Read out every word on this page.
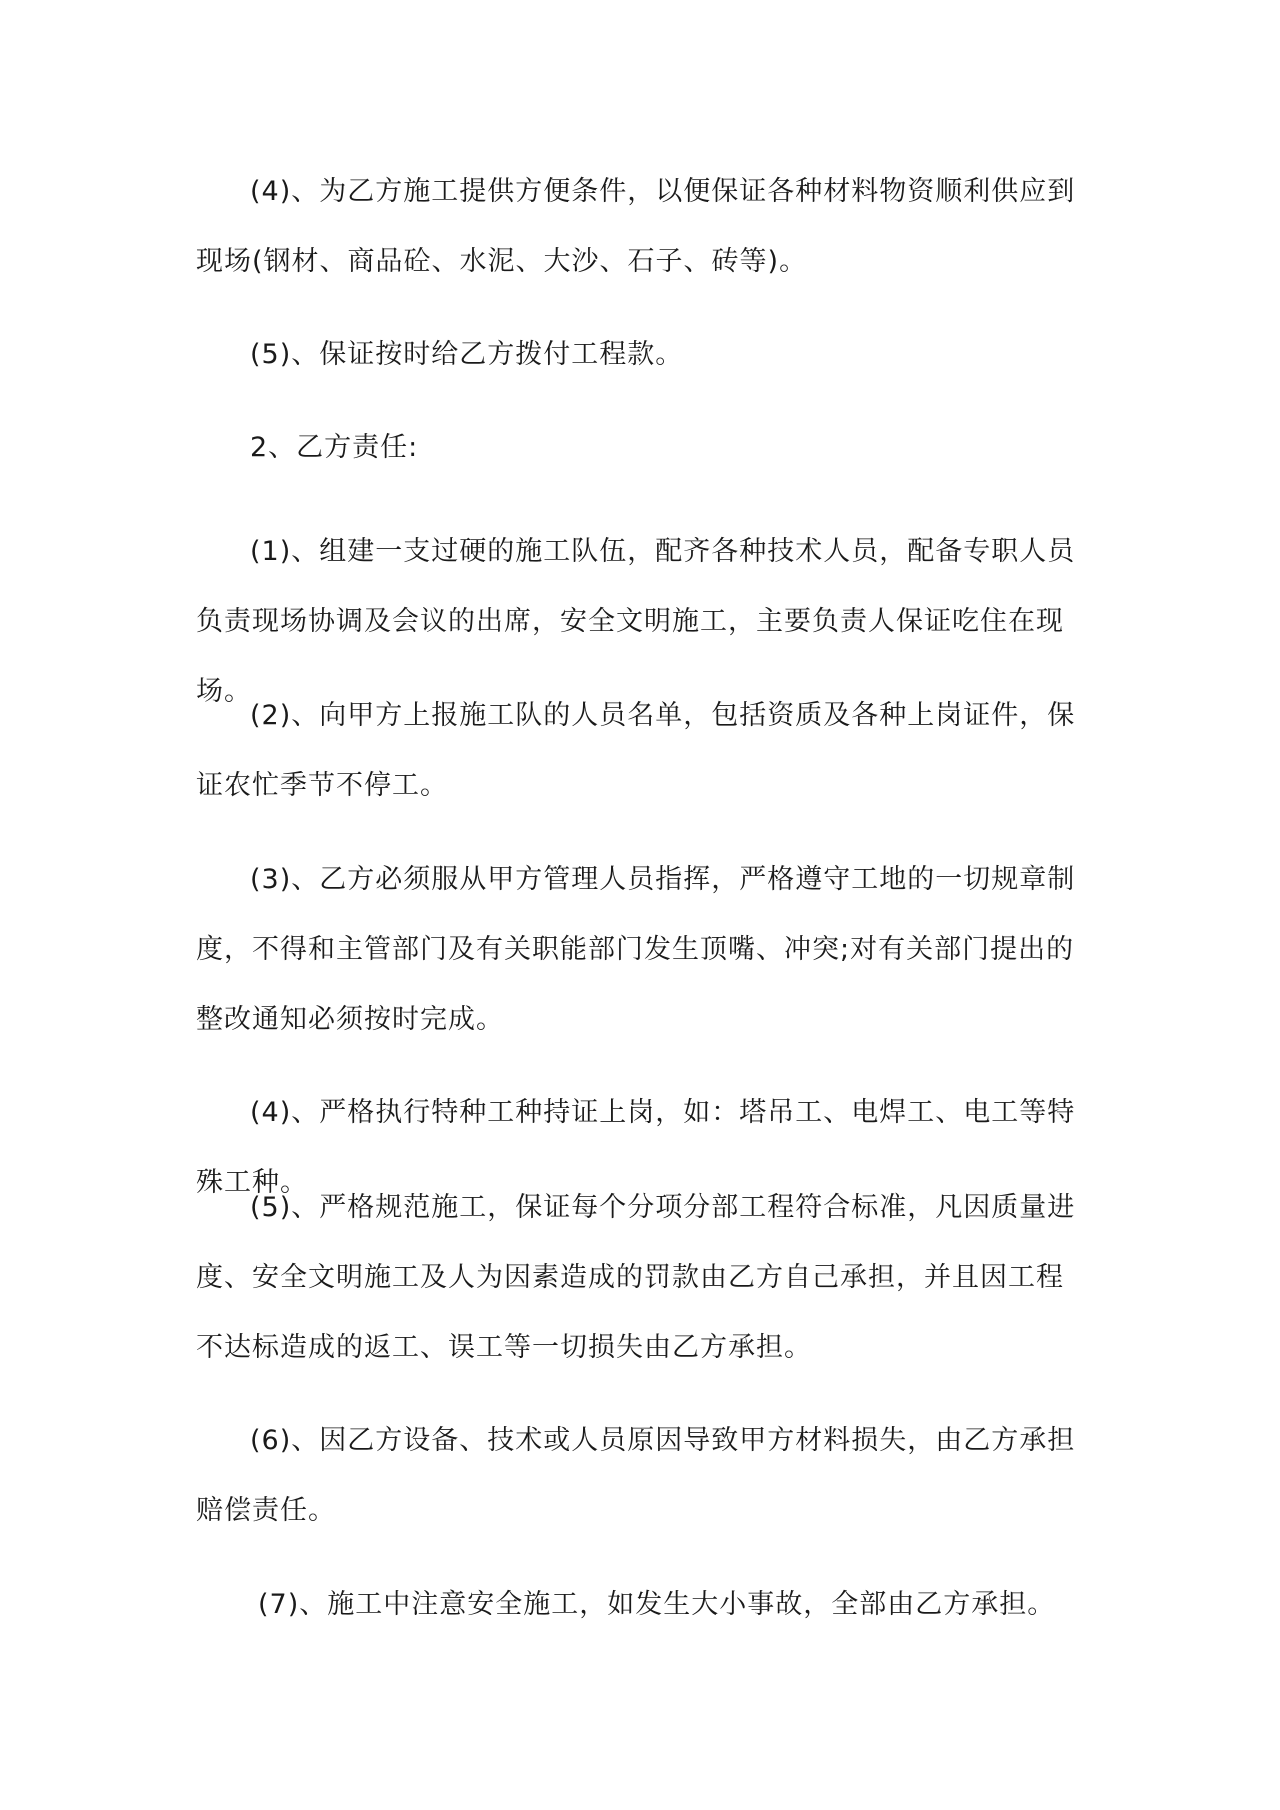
(4)、为乙方施工提供方便条件，以便保证各种材料物资顺利供应到现场(钢材、商品砼、水泥、大沙、石子、砖等)。

(5)、保证按时给乙方拨付工程款。

2、乙方责任:

(1)、组建一支过硬的施工队伍，配齐各种技术人员，配备专职人员负责现场协调及会议的出席，安全文明施工，主要负责人保证吃住在现场。

(2)、向甲方上报施工队的人员名单，包括资质及各种上岗证件，保证农忙季节不停工。

(3)、乙方必须服从甲方管理人员指挥，严格遵守工地的一切规章制度，不得和主管部门及有关职能部门发生顶嘴、冲突;对有关部门提出的整改通知必须按时完成。

(4)、严格执行特种工种持证上岗，如：塔吊工、电焊工、电工等特殊工种。

(5)、严格规范施工，保证每个分项分部工程符合标准，凡因质量进度、安全文明施工及人为因素造成的罚款由乙方自己承担，并且因工程不达标造成的返工、误工等一切损失由乙方承担。

(6)、因乙方设备、技术或人员原因导致甲方材料损失，由乙方承担赔偿责任。

(7)、施工中注意安全施工，如发生大小事故，全部由乙方承担。
